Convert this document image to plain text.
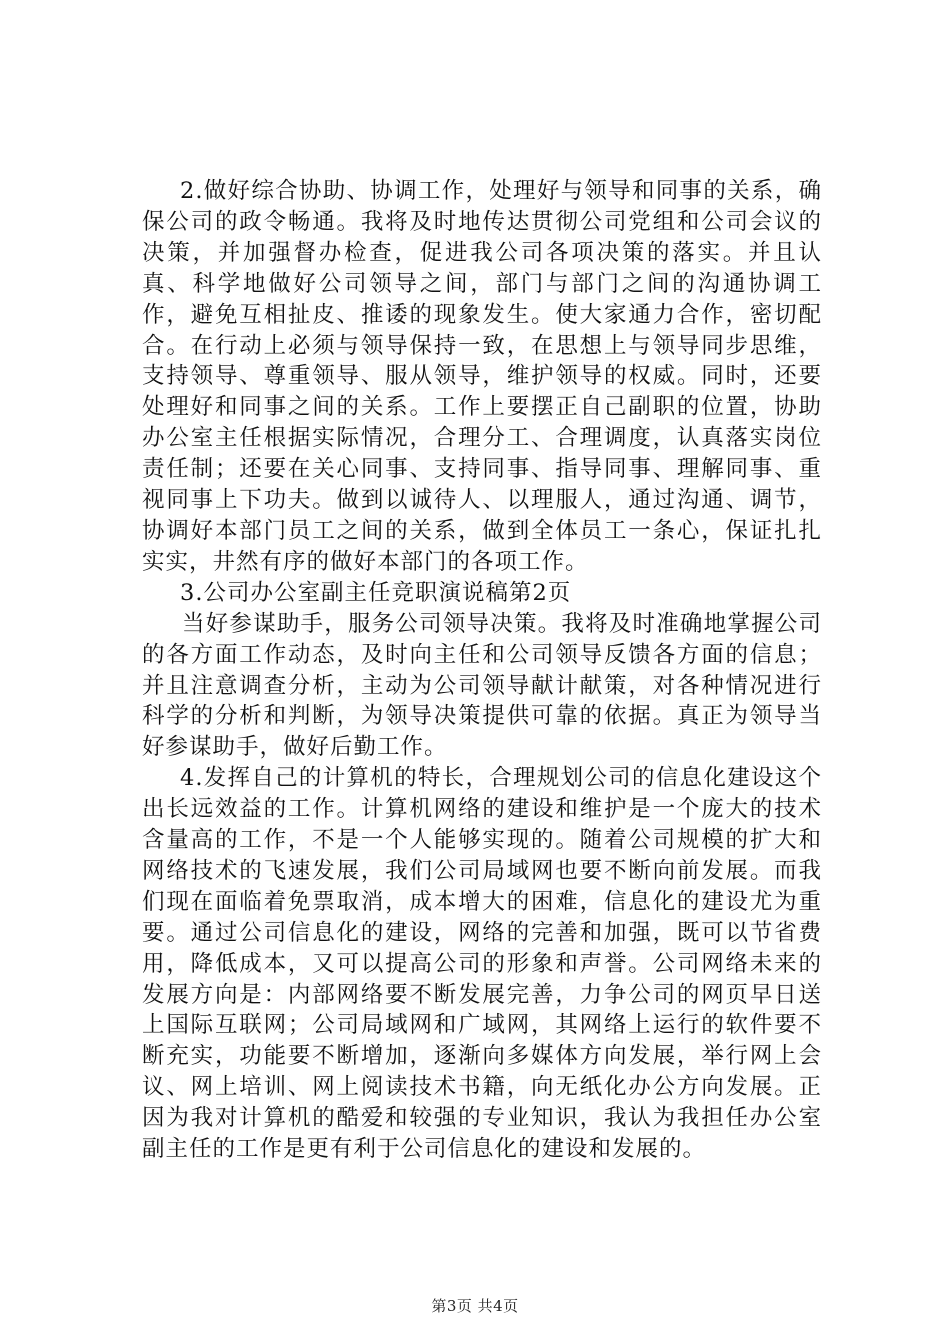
2.做好综合协助、协调工作，处理好与领导和同事的关系，确保公司的政令畅通。我将及时地传达贯彻公司党组和公司会议的决策，并加强督办检查，促进我公司各项决策的落实。并且认真、科学地做好公司领导之间，部门与部门之间的沟通协调工作，避免互相扯皮、推诿的现象发生。使大家通力合作，密切配合。在行动上必须与领导保持一致，在思想上与领导同步思维，支持领导、尊重领导、服从领导，维护领导的权威。同时，还要处理好和同事之间的关系。工作上要摆正自己副职的位置，协助办公室主任根据实际情况，合理分工、合理调度，认真落实岗位责任制；还要在关心同事、支持同事、指导同事、理解同事、重视同事上下功夫。做到以诚待人、以理服人，通过沟通、调节，协调好本部门员工之间的关系，做到全体员工一条心，保证扎扎实实，井然有序的做好本部门的各项工作。

3.公司办公室副主任竞职演说稿第2页

当好参谋助手，服务公司领导决策。我将及时准确地掌握公司的各方面工作动态，及时向主任和公司领导反馈各方面的信息；并且注意调查分析，主动为公司领导献计献策，对各种情况进行科学的分析和判断，为领导决策提供可靠的依据。真正为领导当好参谋助手，做好后勤工作。

4.发挥自己的计算机的特长，合理规划公司的信息化建设这个出长远效益的工作。计算机网络的建设和维护是一个庞大的技术含量高的工作，不是一个人能够实现的。随着公司规模的扩大和网络技术的飞速发展，我们公司局域网也要不断向前发展。而我们现在面临着免票取消，成本增大的困难，信息化的建设尤为重要。通过公司信息化的建设，网络的完善和加强，既可以节省费用，降低成本，又可以提高公司的形象和声誉。公司网络未来的发展方向是：内部网络要不断发展完善，力争公司的网页早日送上国际互联网；公司局域网和广域网，其网络上运行的软件要不断充实，功能要不断增加，逐渐向多媒体方向发展，举行网上会议、网上培训、网上阅读技术书籍，向无纸化办公方向发展。正因为我对计算机的酷爱和较强的专业知识，我认为我担任办公室副主任的工作是更有利于公司信息化的建设和发展的。

第3页 共4页
